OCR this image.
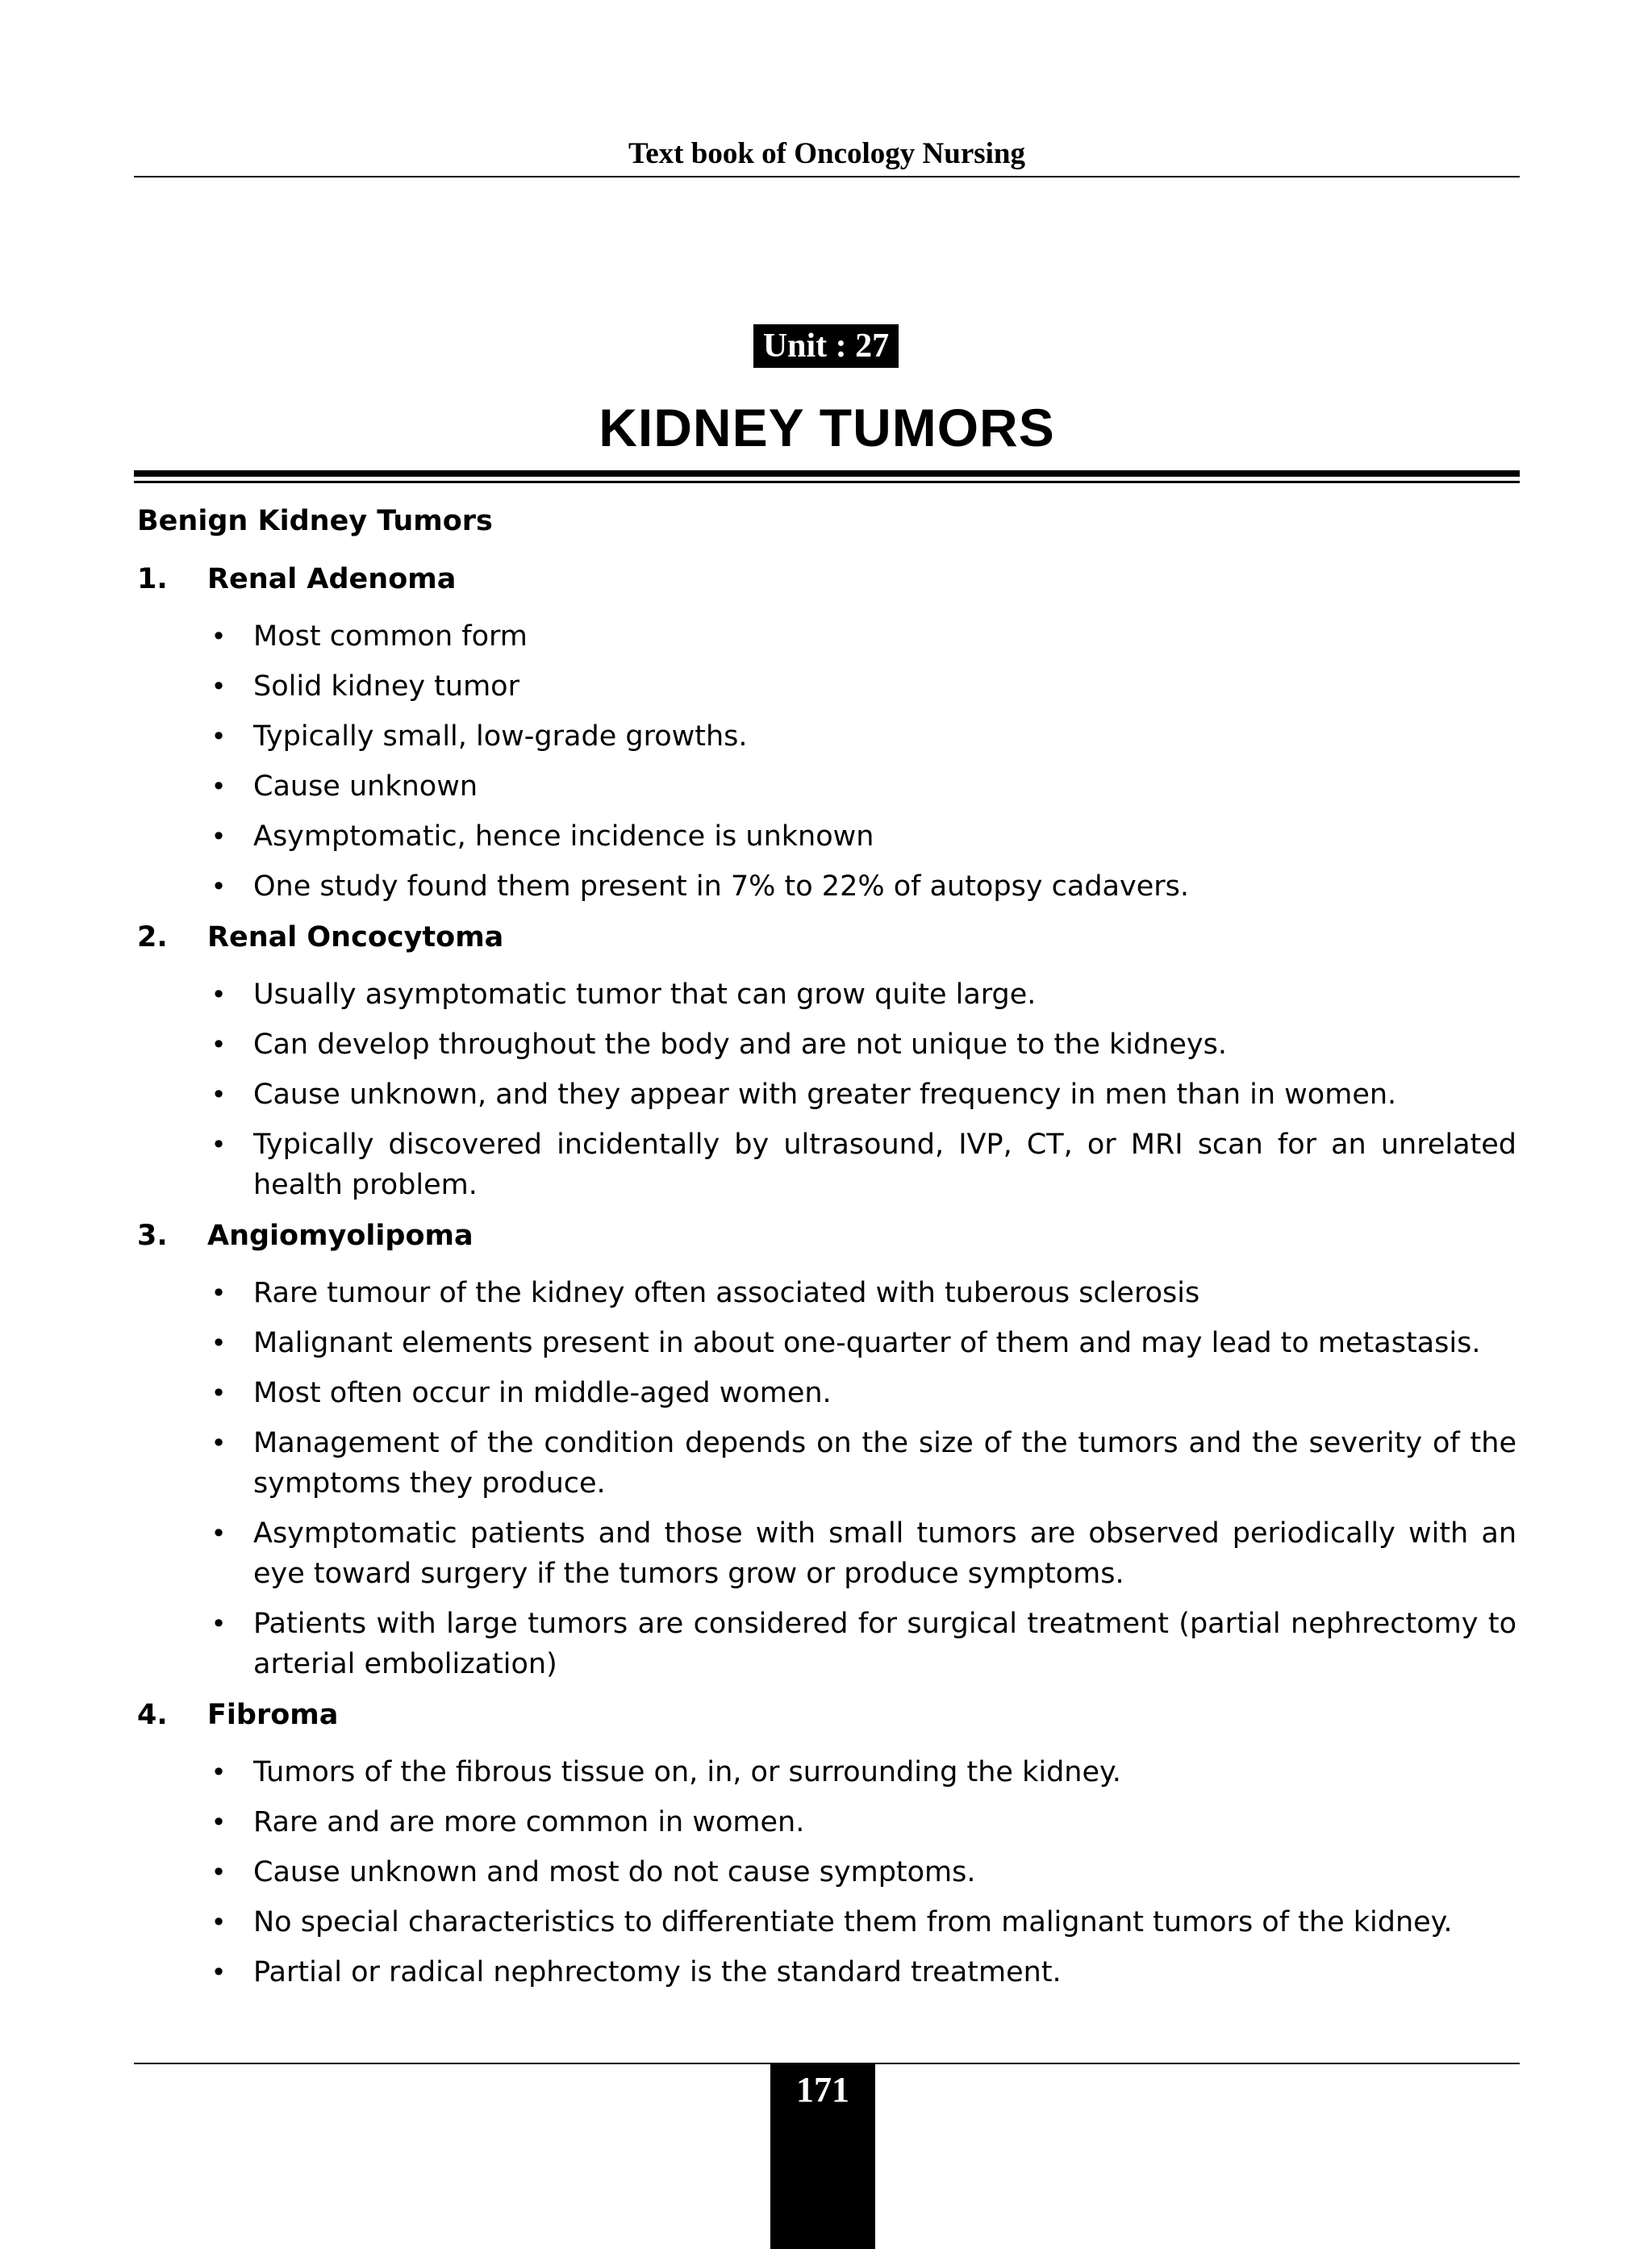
Text book of Oncology Nursing
Unit : 27
KIDNEY TUMORS
Benign Kidney Tumors
1.	Renal Adenoma
• Most common form
• Solid kidney tumor
• Typically small, low-grade growths.
• Cause unknown
• Asymptomatic, hence incidence is unknown
• One study found them present in 7% to 22% of autopsy cadavers.
2.	Renal Oncocytoma
• Usually asymptomatic tumor that can grow quite large.
• Can develop throughout the body and are not unique to the kidneys.
• Cause unknown, and they appear with greater frequency in men than in women.
• Typically discovered incidentally by ultrasound, IVP, CT, or MRI scan for an unrelated health problem.
3.	Angiomyolipoma
• Rare tumour of the kidney often associated with tuberous sclerosis
• Malignant elements present in about one-quarter of them and may lead to metastasis.
• Most often occur in middle-aged women.
• Management of the condition depends on the size of the tumors and the severity of the symptoms they produce.
• Asymptomatic patients and those with small tumors are observed periodically with an eye toward surgery if the tumors grow or produce symptoms.
• Patients with large tumors are considered for surgical treatment (partial nephrectomy to arterial embolization)
4.	Fibroma
• Tumors of the fibrous tissue on, in, or surrounding the kidney.
• Rare and are more common in women.
• Cause unknown and most do not cause symptoms.
• No special characteristics to differentiate them from malignant tumors of the kidney.
• Partial or radical nephrectomy is the standard treatment.
171
